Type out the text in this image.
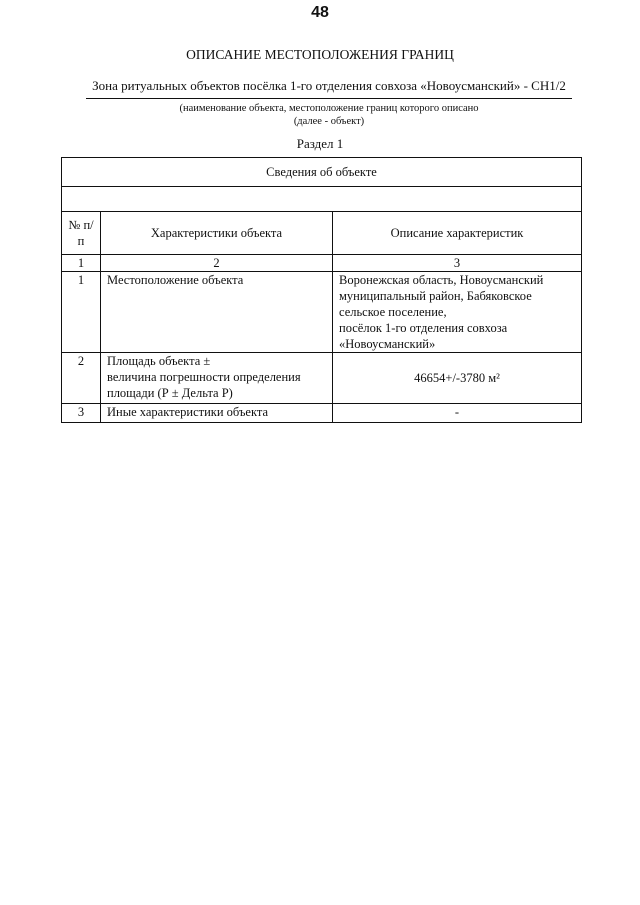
48
ОПИСАНИЕ МЕСТОПОЛОЖЕНИЯ ГРАНИЦ
Зона ритуальных объектов посёлка 1-го отделения совхоза «Новоусманский» - СН1/2
(наименование объекта, местоположение границ которого описано
(далее - объект)
Раздел 1
Сведения об объекте		

№ п/п	Характеристики объекта	Описание характеристик
1	2	3
1	Местоположение объекта	Воронежская область, Новоусманский муниципальный район, Бабяковское сельское поселение,
посёлок 1-го отделения совхоза «Новоусманский»
2	Площадь объекта ±
величина погрешности определения площади (Р ± Дельта Р)	46654+/-3780 м²
3	Иные характеристики объекта	-
